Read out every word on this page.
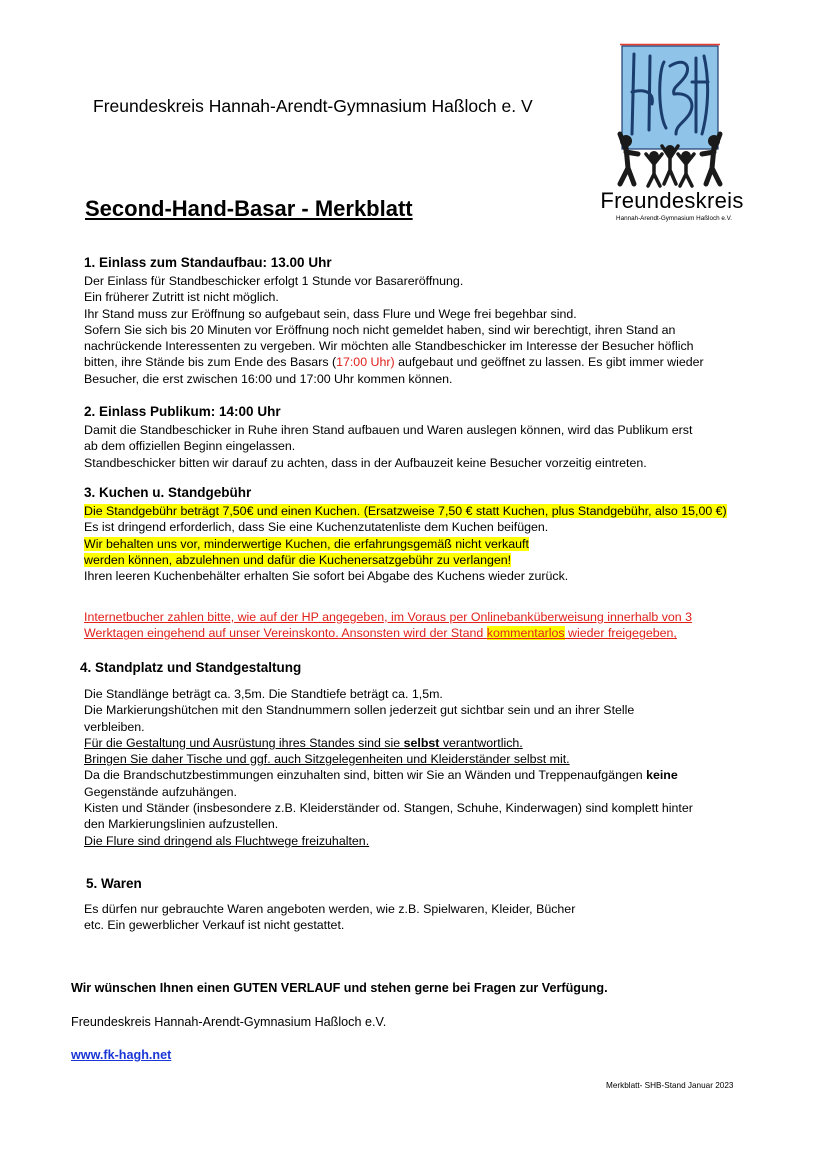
Freundeskreis Hannah-Arendt-Gymnasium Haßloch e. V
Freundeskreis
Hannah-Arendt-Gymnasium Haßloch e.V.
Second-Hand-Basar - Merkblatt
1. Einlass zum Standaufbau: 13.00 Uhr
Der Einlass für Standbeschicker erfolgt 1 Stunde vor Basareröffnung.
Ein früherer Zutritt ist nicht möglich.
Ihr Stand muss zur Eröffnung so aufgebaut sein, dass Flure und Wege frei begehbar sind.
Sofern Sie sich bis 20 Minuten vor Eröffnung noch nicht gemeldet haben, sind wir berechtigt, ihren Stand an
nachrückende Interessenten zu vergeben. Wir möchten alle Standbeschicker im Interesse der Besucher höflich
bitten, ihre Stände bis zum Ende des Basars (17:00 Uhr) aufgebaut und geöffnet zu lassen. Es gibt immer wieder
Besucher, die erst zwischen 16:00 und 17:00 Uhr kommen können.
2. Einlass Publikum: 14:00 Uhr
Damit die Standbeschicker in Ruhe ihren Stand aufbauen und Waren auslegen können, wird das Publikum erst
ab dem offiziellen Beginn eingelassen.
Standbeschicker bitten wir darauf zu achten, dass in der Aufbauzeit keine Besucher vorzeitig eintreten.
3. Kuchen u. Standgebühr
Die Standgebühr beträgt 7,50€ und einen Kuchen. (Ersatzweise 7,50 € statt Kuchen, plus Standgebühr, also 15,00 €)
Es ist dringend erforderlich, dass Sie eine Kuchenzutatenliste dem Kuchen beifügen.
Wir behalten uns vor, minderwertige Kuchen, die erfahrungsgemäß nicht verkauft
werden können, abzulehnen und dafür die Kuchenersatzgebühr zu verlangen!
Ihren leeren Kuchenbehälter erhalten Sie sofort bei Abgabe des Kuchens wieder zurück.
Internetbucher zahlen bitte, wie auf der HP angegeben, im Voraus per Onlinebanküberweisung innerhalb von 3
Werktagen eingehend auf unser Vereinskonto. Ansonsten wird der Stand kommentarlos wieder freigegeben,
4. Standplatz und Standgestaltung
Die Standlänge beträgt ca. 3,5m. Die Standtiefe beträgt ca. 1,5m.
Die Markierungshütchen mit den Standnummern sollen jederzeit gut sichtbar sein und an ihrer Stelle
verbleiben.
Für die Gestaltung und Ausrüstung ihres Standes sind sie selbst verantwortlich.
Bringen Sie daher Tische und ggf. auch Sitzgelegenheiten und Kleiderständer selbst mit.
Da die Brandschutzbestimmungen einzuhalten sind, bitten wir Sie an Wänden und Treppenaufgängen keine
Gegenstände aufzuhängen.
Kisten und Ständer (insbesondere z.B. Kleiderständer od. Stangen, Schuhe, Kinderwagen) sind komplett hinter
den Markierungslinien aufzustellen.
Die Flure sind dringend als Fluchtwege freizuhalten.
5. Waren
Es dürfen nur gebrauchte Waren angeboten werden, wie z.B. Spielwaren, Kleider, Bücher
etc. Ein gewerblicher Verkauf ist nicht gestattet.
Wir wünschen Ihnen einen GUTEN VERLAUF und stehen gerne bei Fragen zur Verfügung.
Freundeskreis Hannah-Arendt-Gymnasium Haßloch e.V.
www.fk-hagh.net
Merkblatt- SHB-Stand Januar 2023
